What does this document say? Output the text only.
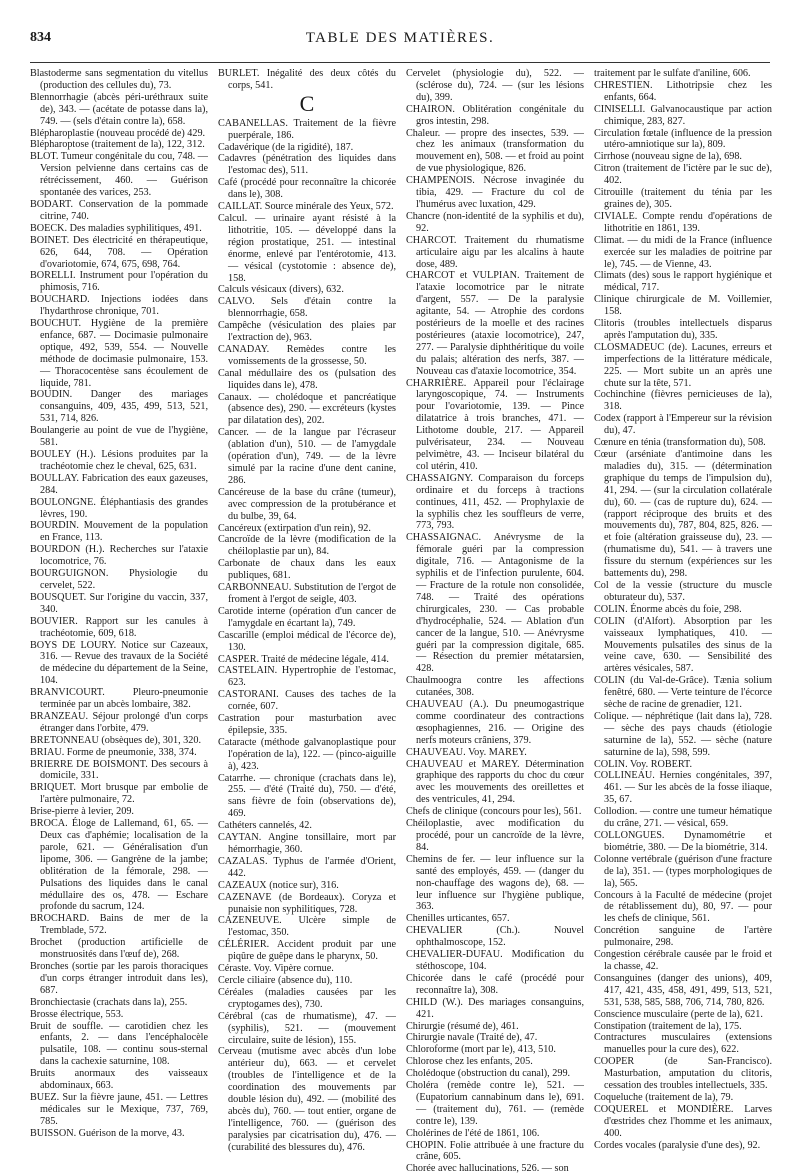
834	TABLE DES MATIÈRES.

Blastoderme sans segmentation du vitellus (production des cellules du), 73.

Blennorrhagie (abcès péri-uréthraux suite de), 343. — (acétate de potasse dans la), 749. — (sels d'étain contre la), 658.

Blépharoplastie (nouveau procédé de) 429.

Blépharoptose (traitement de la), 122, 312.

BLOT. Tumeur congénitale du cou, 748. — Version pelvienne dans certains cas de rétrécissement, 460. — Guérison spontanée des varices, 253.

BODART. Conservation de la pommade citrine, 740.

BOECK. Des maladies syphilitiques, 491.

BOINET. Des électricité en thérapeutique, 626, 644, 708. — Opération d'ovariotomie, 674, 675, 698, 764.

BORELLI. Instrument pour l'opération du phimosis, 716.

BOUCHARD. Injections iodées dans l'hydarthrose chronique, 701.

BOUCHUT. Hygiène de la première enfance, 687. — Docimasie pulmonaire optique, 492, 539, 554. — Nouvelle méthode de docimasie pulmonaire, 153. — Thoracocentèse sans écoulement de liquide, 781.

BOUDIN. Danger des mariages consanguins, 409, 435, 499, 513, 521, 531, 714, 826.

Boulangerie au point de vue de l'hygiène, 581.

BOULEY (H.). Lésions produites par la trachéotomie chez le cheval, 625, 631.

BOULLAY. Fabrication des eaux gazeuses, 284.

BOULONGNE. Éléphantiasis des grandes lèvres, 190.

BOURDIN. Mouvement de la population en France, 113.

BOURDON (H.). Recherches sur l'ataxie locomotrice, 76.

BOURGUIGNON. Physiologie du cervelet, 522.

BOUSQUET. Sur l'origine du vaccin, 337, 340.

BOUVIER. Rapport sur les canules à trachéotomie, 609, 618.

BOYS DE LOURY. Notice sur Cazeaux, 316. — Revue des travaux de la Société de médecine du département de la Seine, 104.

BRANVICOURT. Pleuro-pneumonie terminée par un abcès lombaire, 382.

BRANZEAU. Séjour prolongé d'un corps étranger dans l'orbite, 479.

BRETONNEAU (obsèques de), 301, 320.

BRIAU. Forme de pneumonie, 338, 374.

BRIERRE DE BOISMONT. Des secours à domicile, 331.

BRIQUET. Mort brusque par embolie de l'artère pulmonaire, 72.

Brise-pierre à levier, 209.

BROCA. Éloge de Lallemand, 61, 65. — Deux cas d'aphémie; localisation de la parole, 621. — Généralisation d'un lipome, 306. — Gangrène de la jambe; oblitération de la fémorale, 298. — Pulsations des liquides dans le canal médullaire des os, 478. — Eschare profonde du sacrum, 124.

BROCHARD. Bains de mer de la Tremblade, 572.

Brochet (production artificielle de monstruosités dans l'œuf de), 268.

Bronches (sortie par les parois thoraciques d'un corps étranger introduit dans les), 687.

Bronchiectasie (crachats dans la), 255.

Brosse électrique, 553.

Bruit de souffle. — carotidien chez les enfants, 2. — dans l'encéphalocèle pulsatile, 108. — continu sous-sternal dans la cachexie saturnine, 108.

Bruits anormaux des vaisseaux abdominaux, 663.

BUEZ. Sur la fièvre jaune, 451. — Lettres médicales sur le Mexique, 737, 769, 785.

BUISSON. Guérison de la morve, 43.

BURLET. Inégalité des deux côtés du corps, 541.

C

CABANELLAS. Traitement de la fièvre puerpérale, 186.

Cadavérique (de la rigidité), 187.

Cadavres (pénétration des liquides dans l'estomac des), 511.

Café (procédé pour reconnaître la chicorée dans le), 308.

CAILLAT. Source minérale des Yeux, 572.

Calcul. — urinaire ayant résisté à la lithotritie, 105. — développé dans la région prostatique, 251. — intestinal énorme, enlevé par l'entérotomie, 413. — vésical (cystotomie : absence de), 158.

Calculs vésicaux (divers), 632.

CALVO. Sels d'étain contre la blennorrhagie, 658.

Campêche (vésiculation des plaies par l'extraction de), 963.

CANADAY. Remèdes contre les vomissements de la grossesse, 50.

Canal médullaire des os (pulsation des liquides dans le), 478.

Canaux. — cholédoque et pancréatique (absence des), 290. — excréteurs (kystes par dilatation des), 202.

Cancer. — de la langue par l'écraseur (ablation d'un), 510. — de l'amygdale (opération d'un), 749. — de la lèvre simulé par la racine d'une dent canine, 286.

Cancéreuse de la base du crâne (tumeur), avec compression de la protubérance et du bulbe, 39, 64.

Cancéreux (extirpation d'un rein), 92.

Cancroïde de la lèvre (modification de la chéiloplastie par un), 84.

Carbonate de chaux dans les eaux publiques, 681.

CARBONNEAU. Substitution de l'ergot de froment à l'ergot de seigle, 403.

Carotide interne (opération d'un cancer de l'amygdale en écartant la), 749.

Cascarille (emploi médical de l'écorce de), 130.

CASPER. Traité de médecine légale, 414.

CASTELAIN. Hypertrophie de l'estomac, 623.

CASTORANI. Causes des taches de la cornée, 607.

Castration pour masturbation avec épilepsie, 335.

Cataracte (méthode galvanoplastique pour l'opération de la), 122. — (pinco-aiguille à), 423.

Catarrhe. — chronique (crachats dans le), 255. — d'été (Traité du), 750. — d'été, sans fièvre de foin (observations de), 469.

Cathéters cannelés, 42.

CAYTAN. Angine tonsillaire, mort par hémorrhagie, 360.

CAZALAS. Typhus de l'armée d'Orient, 442.

CAZEAUX (notice sur), 316.

CAZENAVE (de Bordeaux). Coryza et punaisie non syphilitiques, 728.

CAZENEUVE. Ulcère simple de l'estomac, 350.

CÉLÉRIER. Accident produit par une piqûre de guêpe dans le pharynx, 50.

Céraste. Voy. Vipère cornue.

Cercle ciliaire (absence du), 110.

Céréales (maladies causées par les cryptogames des), 730.

Cérébral (cas de rhumatisme), 47. — (syphilis), 521. — (mouvement circulaire, suite de lésion), 155.

Cerveau (mutisme avec abcès d'un lobe antérieur du), 663. — et cervelet (troubles de l'intelligence et de la coordination des mouvements par double lésion du), 492. — (mobilité des abcès du), 760. — tout entier, organe de l'intelligence, 760. — (guérison des paralysies par cicatrisation du), 476. — (curabilité des blessures du), 476.

Cervelet (physiologie du), 522. — (sclérose du), 724. — (sur les lésions du), 399.

CHAIRON. Oblitération congénitale du gros intestin, 298.

Chaleur. — propre des insectes, 539. — chez les animaux (transformation du mouvement en), 508. — et froid au point de vue physiologique, 826.

CHAMPENOIS. Nécrose invaginée du tibia, 429. — Fracture du col de l'humérus avec luxation, 429.

Chancre (non-identité de la syphilis et du), 92.

CHARCOT. Traitement du rhumatisme articulaire aigu par les alcalins à haute dose, 489.

CHARCOT et VULPIAN. Traitement de l'ataxie locomotrice par le nitrate d'argent, 557. — De la paralysie agitante, 54. — Atrophie des cordons postérieurs de la moelle et des racines postérieures (ataxie locomotrice), 247, 277. — Paralysie diphthéritique du voile du palais; altération des nerfs, 387. — Nouveau cas d'ataxie locomotrice, 354.

CHARRIÈRE. Appareil pour l'éclairage laryngoscopique, 74. — Instruments pour l'ovariotomie, 139. — Pince dilatatrice à trois branches, 471. — Lithotome double, 217. — Appareil pulvérisateur, 234. — Nouveau pelvimètre, 43. — Inciseur bilatéral du col utérin, 410.

CHASSAIGNY. Comparaison du forceps ordinaire et du forceps à tractions continues, 411, 452. — Prophylaxie de la syphilis chez les souffleurs de verre, 773, 793.

CHASSAIGNAC. Anévrysme de la fémorale guéri par la compression digitale, 716. — Antagonisme de la syphilis et de l'infection purulente, 604. — Fracture de la rotule non consolidée, 748. — Traité des opérations chirurgicales, 230. — Cas probable d'hydrocéphalie, 524. — Ablation d'un cancer de la langue, 510. — Anévrysme guéri par la compression digitale, 685. — Résection du premier métatarsien, 428.

Chaulmoogra contre les affections cutanées, 308.

CHAUVEAU (A.). Du pneumogastrique comme coordinateur des contractions œsophagiennes, 216. — Origine des nerfs moteurs crâniens, 379.

CHAUVEAU. Voy. MAREY.

CHAUVEAU et MAREY. Détermination graphique des rapports du choc du cœur avec les mouvements des oreillettes et des ventricules, 41, 294.

Chefs de clinique (concours pour les), 561.

Chéiloplastie, avec modification du procédé, pour un cancroïde de la lèvre, 84.

Chemins de fer. — leur influence sur la santé des employés, 459. — (danger du non-chauffage des wagons de), 68. — leur influence sur l'hygiène publique, 363.

Chenilles urticantes, 657.

CHEVALIER (Ch.). Nouvel ophthalmoscope, 152.

CHEVALIER-DUFAU. Modification du stéthoscope, 104.

Chicorée dans le café (procédé pour reconnaître la), 308.

CHILD (W.). Des mariages consanguins, 421.

Chirurgie (résumé de), 461.

Chirurgie navale (Traité de), 47.

Chloroforme (mort par le), 413, 510.

Chlorose chez les enfants, 205.

Cholédoque (obstruction du canal), 299.

Choléra (remède contre le), 521. — (Eupatorium cannabinum dans le), 691. — (traitement du), 761. — (remède contre le), 139.

Cholérines de l'été de 1861, 106.

CHOPIN. Folie attribuée à une fracture du crâne, 605.

Chorée avec hallucinations, 526. — son

traitement par le sulfate d'aniline, 606.

CHRESTIEN. Lithotripsie chez les enfants, 664.

CINISELLI. Galvanocaustique par action chimique, 283, 827.

Circulation fœtale (influence de la pression utéro-amniotique sur la), 809.

Cirrhose (nouveau signe de la), 698.

Citron (traitement de l'ictère par le suc de), 402.

Citrouille (traitement du ténia par les graines de), 305.

CIVIALE. Compte rendu d'opérations de lithotritie en 1861, 139.

Climat. — du midi de la France (influence exercée sur les maladies de poitrine par le), 745. — de Vienne, 43.

Climats (des) sous le rapport hygiénique et médical, 717.

Clinique chirurgicale de M. Voillemier, 158.

Clitoris (troubles intellectuels disparus après l'amputation du), 335.

CLOSMADEUC (de). Lacunes, erreurs et imperfections de la littérature médicale, 225. — Mort subite un an après une chute sur la tête, 571.

Cochinchine (fièvres pernicieuses de la), 318.

Codex (rapport à l'Empereur sur la révision du), 47.

Cœnure en ténia (transformation du), 508.

Cœur (arséniate d'antimoine dans les maladies du), 315. — (détermination graphique du temps de l'impulsion du), 41, 294. — (sur la circulation collatérale du), 60. — (cas de rupture du), 624. — (rapport réciproque des bruits et des mouvements du), 787, 804, 825, 826. — et foie (altération graisseuse du), 23. — (rhumatisme du), 541. — à travers une fissure du sternum (expériences sur les battements du), 298.

Col de la vessie (structure du muscle obturateur du), 537.

COLIN. Énorme abcès du foie, 298.

COLIN (d'Alfort). Absorption par les vaisseaux lymphatiques, 410. — Mouvements pulsatiles des sinus de la veine cave, 630. — Sensibilité des artères vésicales, 587.

COLIN (du Val-de-Grâce). Tænia solium fenêtré, 680. — Verte teinture de l'écorce sèche de racine de grenadier, 121.

Colique. — néphrétique (lait dans la), 728. — sèche des pays chauds (étiologie saturnine de la), 552. — sèche (nature saturnine de la), 598, 599.

COLIN. Voy. ROBERT.

COLLINEAU. Hernies congénitales, 397, 461. — Sur les abcès de la fosse iliaque, 35, 67.

Collodion. — contre une tumeur hématique du crâne, 271. — vésical, 659.

COLLONGUES. Dynamométrie et biométrie, 380. — De la biométrie, 314.

Colonne vertébrale (guérison d'une fracture de la), 351. — (types morphologiques de la), 565.

Concours à la Faculté de médecine (projet de rétablissement du), 80, 97. — pour les chefs de clinique, 561.

Concrétion sanguine de l'artère pulmonaire, 298.

Congestion cérébrale causée par le froid et la chasse, 42.

Consanguines (danger des unions), 409, 417, 421, 435, 458, 491, 499, 513, 521, 531, 538, 585, 588, 706, 714, 780, 826.

Conscience musculaire (perte de la), 621.

Constipation (traitement de la), 175.

Contractures musculaires (extensions manuelles pour la cure des), 622.

COOPER (de San-Francisco). Masturbation, amputation du clitoris, cessation des troubles intellectuels, 335.

Coqueluche (traitement de la), 79.

COQUEREL et MONDIÈRE. Larves d'œstrides chez l'homme et les animaux, 400.

Cordes vocales (paralysie d'une des), 92.
